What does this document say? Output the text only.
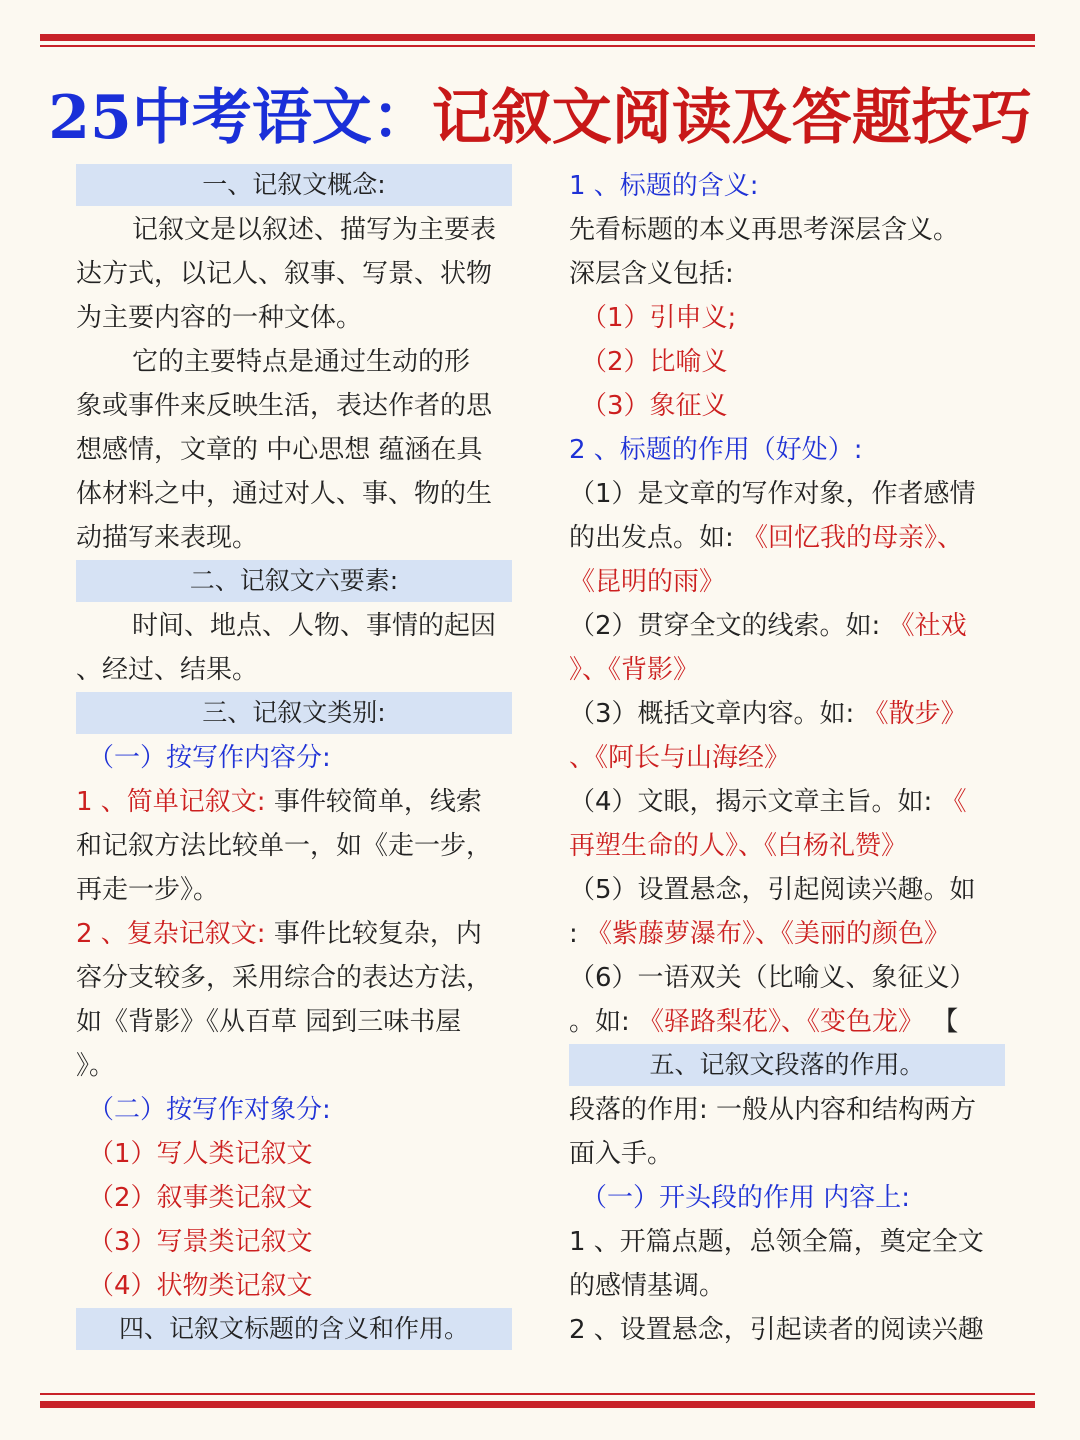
25中考语文：记叙文阅读及答题技巧
一、记叙文概念:
记叙文是以叙述、描写为主要表
达方式，以记人、叙事、写景、状物
为主要内容的一种文体。
它的主要特点是通过生动的形
象或事件来反映生活，表达作者的思
想感情，文章的 中心思想 蕴涵在具
体材料之中，通过对人、事、物的生
动描写来表现。
二、记叙文六要素:
时间、地点、人物、事情的起因
、经过、结果。
三、记叙文类别:
（一）按写作内容分:
1 、简单记叙文: 事件较简单，线索
和记叙方法比较单一，如《走一步，
再走一步》。
2 、复杂记叙文: 事件比较复杂，内
容分支较多，采用综合的表达方法，
如《背影》《从百草 园到三味书屋
》。
（二）按写作对象分:
（1）写人类记叙文
（2）叙事类记叙文
（3）写景类记叙文
（4）状物类记叙文
四、记叙文标题的含义和作用。
1 、标题的含义:
先看标题的本义再思考深层含义。
深层含义包括:
（1）引申义;
（2）比喻义
（3）象征义
2 、标题的作用（好处）:
（1）是文章的写作对象，作者感情
的出发点。如: 《回忆我的母亲》、
《昆明的雨》
（2）贯穿全文的线索。如: 《社戏
》、《背影》
（3）概括文章内容。如: 《散步》
、《阿长与山海经》
（4）文眼，揭示文章主旨。如: 《
再塑生命的人》、《白杨礼赞》
（5）设置悬念，引起阅读兴趣。如
: 《紫藤萝瀑布》、《美丽的颜色》
（6）一语双关（比喻义、象征义）
。如: 《驿路梨花》、《变色龙》 【
五、记叙文段落的作用。
段落的作用: 一般从内容和结构两方
面入手。
（一）开头段的作用 内容上:
1 、开篇点题，总领全篇，奠定全文
的感情基调。
2 、设置悬念，引起读者的阅读兴趣
